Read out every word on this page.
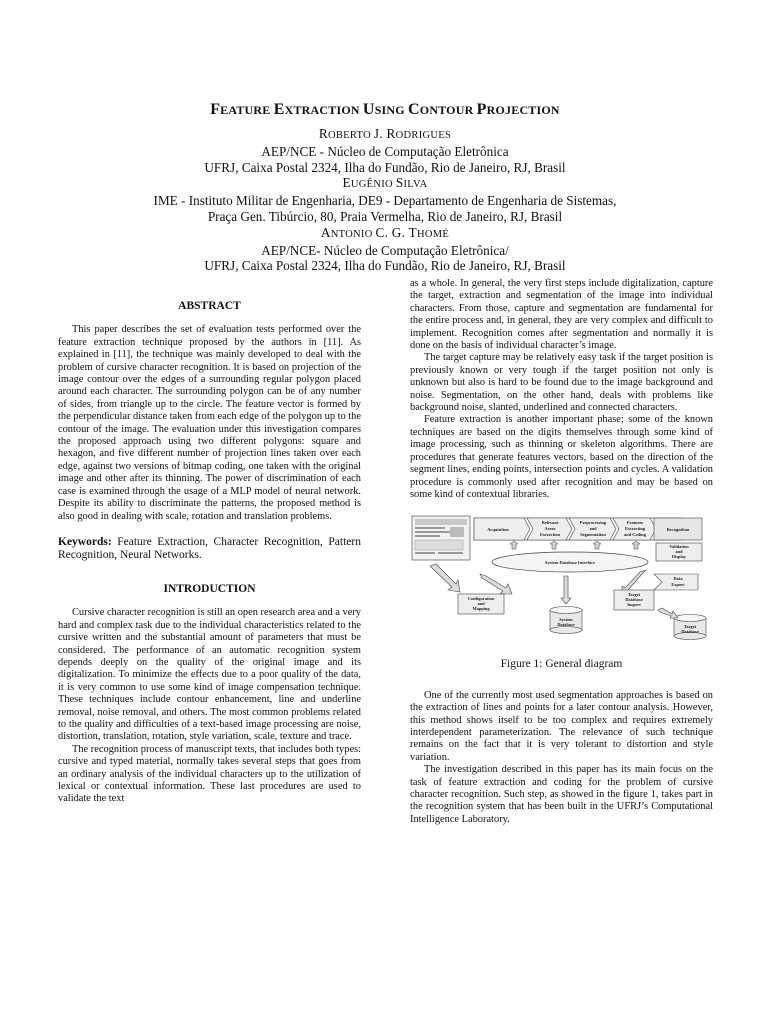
FEATURE EXTRACTION USING CONTOUR PROJECTION
ROBERTO J. RODRIGUES
AEP/NCE - Núcleo de Computação Eletrônica
UFRJ, Caixa Postal 2324, Ilha do Fundão, Rio de Janeiro, RJ, Brasil
EUGÊNIO SILVA
IME - Instituto Militar de Engenharia, DE9 - Departamento de Engenharia de Sistemas,
Praça Gen. Tibúrcio, 80, Praia Vermelha, Rio de Janeiro, RJ, Brasil
ANTONIO C. G. THOMÉ
AEP/NCE- Núcleo de Computação Eletrônica/
UFRJ, Caixa Postal 2324, Ilha do Fundão, Rio de Janeiro, RJ, Brasil
ABSTRACT

This paper describes the set of evaluation tests performed over the feature extraction technique proposed by the authors in [11]. As explained in [11], the technique was mainly developed to deal with the problem of cursive character recognition. It is based on projection of the image contour over the edges of a surrounding regular polygon placed around each character. The surrounding polygon can be of any number of sides, from triangle up to the circle. The feature vector is formed by the perpendicular distance taken from each edge of the polygon up to the contour of the image. The evaluation under this investigation compares the proposed approach using two different polygons: square and hexagon, and five different number of projection lines taken over each edge, against two versions of bitmap coding, one taken with the original image and other after its thinning. The power of discrimination of each case is examined through the usage of a MLP model of neural network. Despite its ability to discriminate the patterns, the proposed method is also good in dealing with scale, rotation and translation problems.

Keywords: Feature Extraction, Character Recognition, Pattern Recognition, Neural Networks.

INTRODUCTION

Cursive character recognition is still an open research area and a very hard and complex task due to the individual characteristics related to the cursive written and the substantial amount of parameters that must be considered. The performance of an automatic recognition system depends deeply on the quality of the original image and its digitalization. To minimize the effects due to a poor quality of the data, it is very common to use some kind of image compensation technique. These techniques include contour enhancement, line and underline removal, noise removal, and others. The most common problems related to the quality and difficulties of a text-based image processing are noise, distortion, translation, rotation, style variation, scale, texture and trace.

The recognition process of manuscript texts, that includes both types: cursive and typed material, normally takes several steps that goes from an ordinary analysis of the individual characters up to the utilization of lexical or contextual information. These last procedures are used to validate the text

as a whole. In general, the very first steps include digitalization, capture the target, extraction and segmentation of the image into individual characters. From those, capture and segmentation are fundamental for the entire process and, in general, they are very complex and difficult to implement. Recognition comes after segmentation and normally it is done on the basis of individual character’s image.

The target capture may be relatively easy task if the target position is previously known or very tough if the target position not only is unknown but also is hard to be found due to the image background and noise. Segmentation, on the other hand, deals with problems like background noise, slanted, underlined and connected characters.

Feature extraction is another important phase; some of the known techniques are based on the digits themselves through some kind of image processing, such as thinning or skeleton algorithms. There are procedures that generate features vectors, based on the direction of the segment lines, ending points, intersection points and cycles. A validation procedure is commonly used after recognition and may be based on some kind of contextual libraries.

Acquisition
Relevant
Areas
Extraction
Preprocessing
and
Segmentation
Features
Extracting
and Coding
Recognition
Validation
and
Display
System Database Interface
Data
Export
Configuration
and
Mapping
Target
Database
Import
System
Database	Target
Database
Figure 1: General diagram

One of the currently most used segmentation approaches is based on the extraction of lines and points for a later contour analysis. However, this method shows itself to be too complex and requires extremely interdependent parameterization. The relevance of such technique remains on the fact that it is very tolerant to distortion and style variation.

The investigation described in this paper has its main focus on the task of feature extraction and coding for the problem of cursive character recognition. Such step, as showed in the figure 1, takes part in the recognition system that has been built in the UFRJ’s Computational Intelligence Laboratory.
